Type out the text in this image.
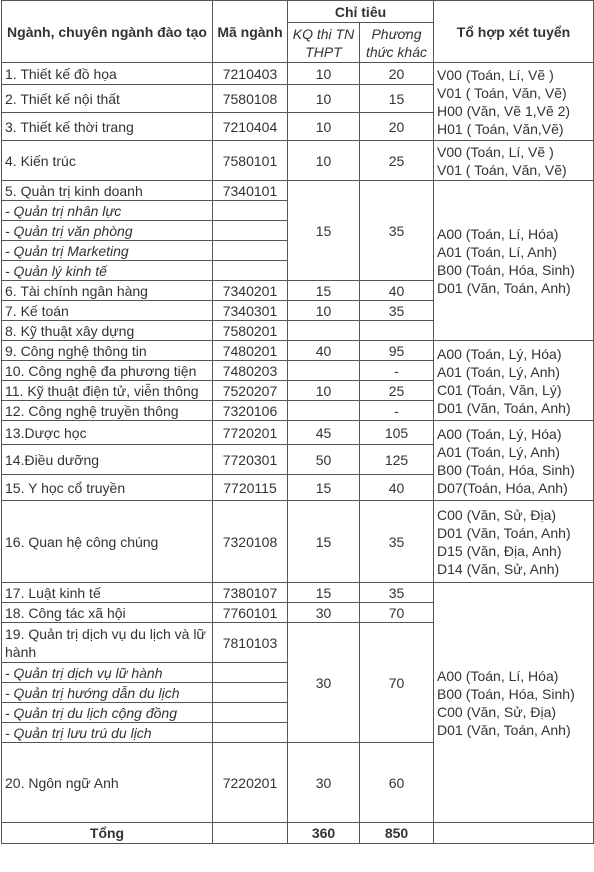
Ngành, chuyên ngành đào tạo	Mã ngành	Chỉ tiêu		Tổ hợp xét tuyển	
		KQ thi TN THPT	Phương thức khác		
1. Thiết kế đồ họa	7210403	10	20	V00 (Toán, Lí, Vẽ )
V01 ( Toán, Văn, Vẽ)
H00 (Văn, Vẽ 1,Vẽ 2)
H01 ( Toán, Văn,Vẽ)	

2. Thiết kế nội thất	7580108	10	15		
3. Thiết kế thời trang	7210404	10	20		
4. Kiến trúc	7580101	10	25	V00 (Toán, Lí, Vẽ )
V01 ( Toán, Văn, Vẽ)	

5. Quản trị kinh doanh	7340101	15	35	A00 (Toán, Lí, Hóa)
A01 (Toán, Lí, Anh)
B00 (Toán, Hóa, Sinh)
D01 (Văn, Toán, Anh)	

- Quản trị nhân lực					
- Quản trị văn phòng					
- Quản trị Marketing					
- Quản lý kinh tế					
6. Tài chính ngân hàng	7340201	15	40		
7. Kế toán	7340301	10	35		
8. Kỹ thuật xây dựng	7580201				
9. Công nghệ thông tin	7480201	40	95	A00 (Toán, Lý, Hóa)
A01 (Toán, Lý, Anh)
C01 (Toán, Văn, Lý)
D01 (Văn, Toán, Anh)	

10. Công nghệ đa phương tiện	7480203		-		
11. Kỹ thuật điện tử, viễn thông	7520207	10	25		
12. Công nghệ truyền thông	7320106		-		
13.Dược học	7720201	45	105	A00 (Toán, Lý, Hóa)
A01 (Toán, Lý, Anh)
B00 (Toán, Hóa, Sinh)
D07(Toán, Hóa, Anh)	

14.Điều dưỡng	7720301	50	125		
15. Y học cổ truyền	7720115	15	40		
16. Quan hệ công chúng	7320108	15	35	C00 (Văn, Sử, Địa)
D01 (Văn, Toán, Anh)
D15 (Văn, Địa, Anh)
D14 (Văn, Sử, Anh)	

17. Luật kinh tế	7380107	15	35	A00 (Toán, Lí, Hóa)
B00 (Toán, Hóa, Sinh)
C00 (Văn, Sử, Địa)
D01 (Văn, Toán, Anh)	

18. Công tác xã hội	7760101	30	70		
19. Quản trị dịch vụ du lịch và lữ hành	7810103	30	70		
- Quản trị dịch vụ lữ hành					
- Quản trị hướng dẫn du lịch					
- Quản trị du lịch cộng đồng					
- Quản trị lưu trú du lịch					
20. Ngôn ngữ Anh	7220201	30	60	

Tổng		360	850		
